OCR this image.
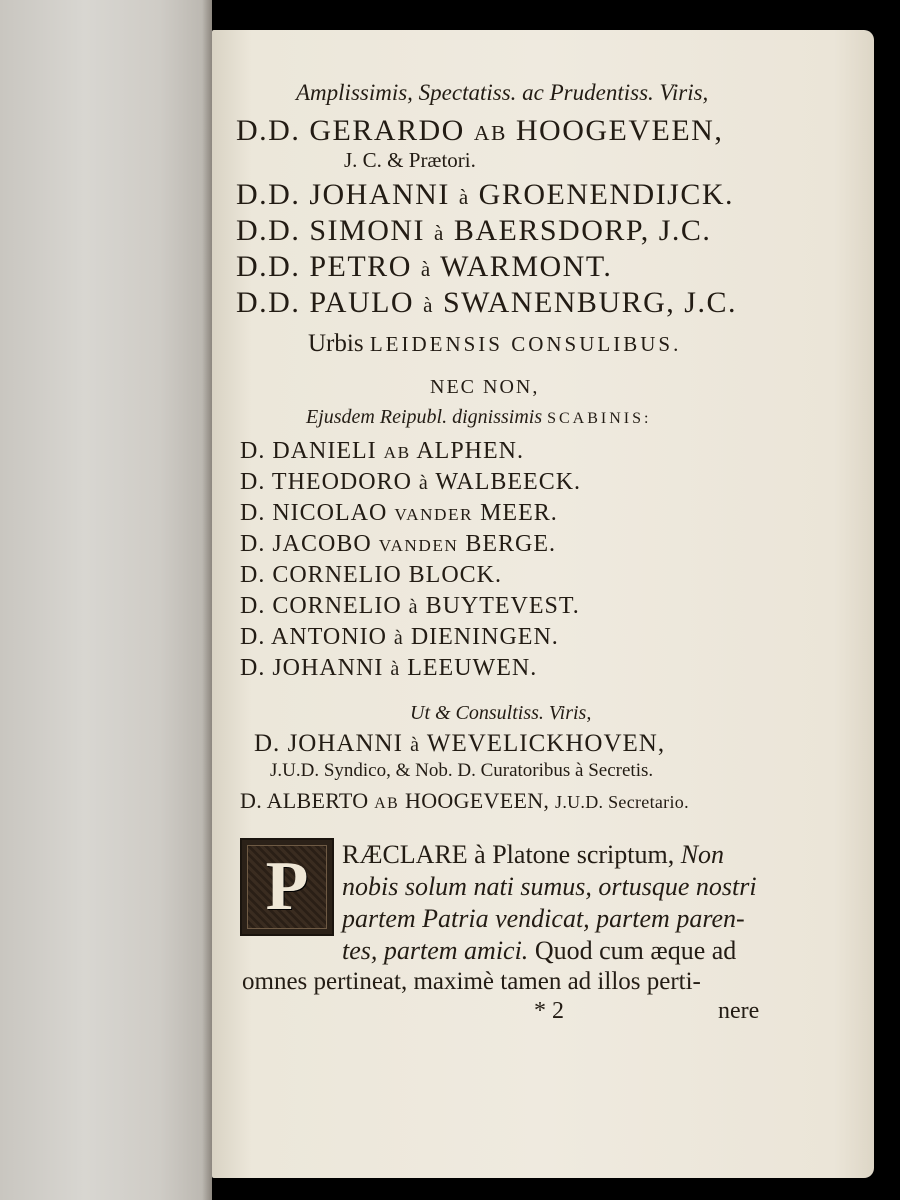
Amplissimis, Spectatiss. ac Prudentiss. Viris,
D.D. GERARDO AB HOOGEVEEN,
J. C. & Prætori.
D.D. JOHANNI à GROENENDIJCK.
D.D. SIMONI à BAERSDORP, J.C.
D.D. PETRO à WARMONT.
D.D. PAULO à SWANENBURG, J.C.
Urbis LEIDENSIS CONSULIBUS.
NEC NON,
Ejusdem Reipubl. dignissimis SCABINIS:
D. DANIELI AB ALPHEN.
D. THEODORO à WALBEECK.
D. NICOLAO VANDER MEER.
D. JACOBO VANDEN BERGE.
D. CORNELIO BLOCK.
D. CORNELIO à BUYTEVEST.
D. ANTONIO à DIENINGEN.
D. JOHANNI à LEEUWEN.
Ut & Consultiss. Viris,
D. JOHANNI à WEVELICKHOVEN,
J.U.D. Syndico, & Nob. D. Curatoribus à Secretis.
D. ALBERTO AB HOOGEVEEN, J.U.D. Secretario.
P RÆCLARE à Platone scriptum, Non
nobis solum nati sumus, ortusque nostri
partem Patria vendicat, partem paren-
tes, partem amici. Quod cum æque ad
omnes pertineat, maximè tamen ad illos perti-
* 2	nere
